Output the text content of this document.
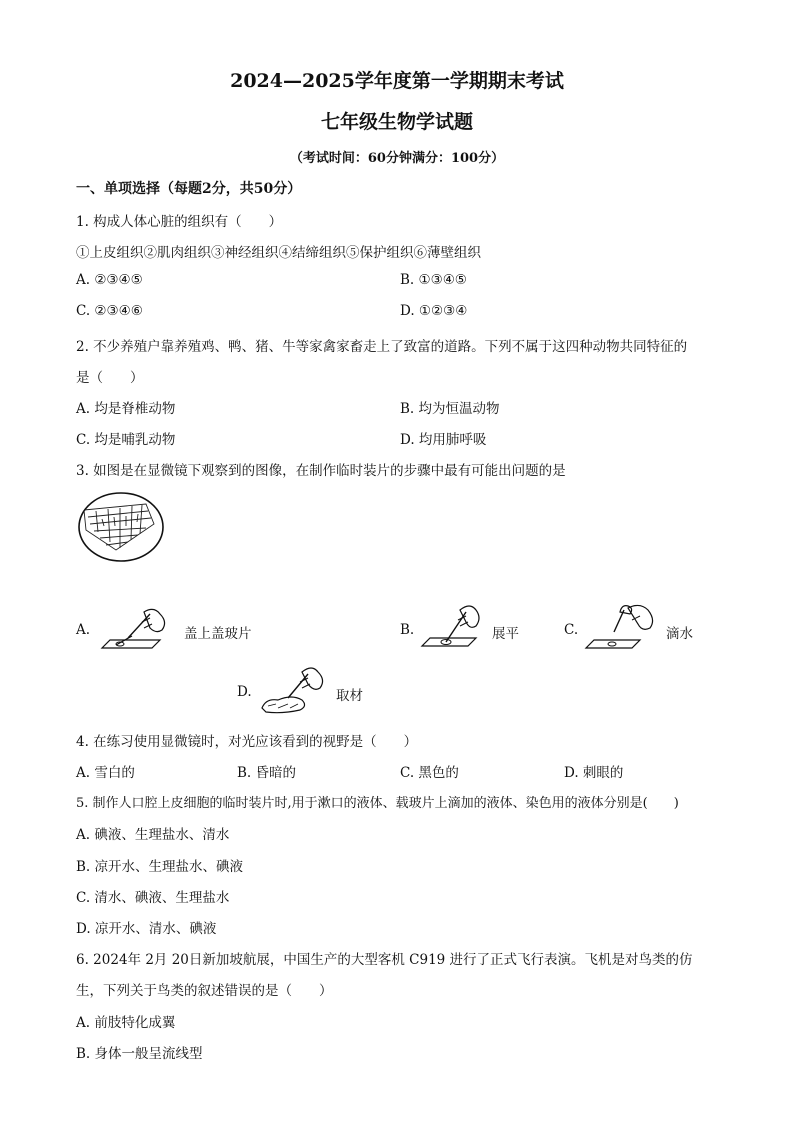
2024—2025学年度第一学期期末考试
七年级生物学试题
（考试时间：60分钟满分：100分）
一、单项选择（每题2分，共50分）
1. 构成人体心脏的组织有（　　）
①上皮组织②肌肉组织③神经组织④结缔组织⑤保护组织⑥薄壁组织
A. ②③④⑤	B. ①③④⑤
C. ②③④⑥	D. ①②③④
2. 不少养殖户靠养殖鸡、鸭、猪、牛等家禽家畜走上了致富的道路。下列不属于这四种动物共同特征的
是（　　）
A. 均是脊椎动物	B. 均为恒温动物
C. 均是哺乳动物	D. 均用肺呼吸
3. 如图是在显微镜下观察到的图像，在制作临时装片的步骤中最有可能出问题的是
A.	盖上盖玻片	B.	展平	C.	滴水
D.	取材
4. 在练习使用显微镜时，对光应该看到的视野是（　　）
A. 雪白的	B. 昏暗的	C. 黑色的	D. 刺眼的
5. 制作人口腔上皮细胞的临时装片时,用于漱口的液体、载玻片上滴加的液体、染色用的液体分别是(　　)
A. 碘液、生理盐水、清水
B. 凉开水、生理盐水、碘液
C. 清水、碘液、生理盐水
D. 凉开水、清水、碘液
6. 2024年 2月 20日新加坡航展，中国生产的大型客机 C919 进行了正式飞行表演。飞机是对鸟类的仿
生，下列关于鸟类的叙述错误的是（　　）
A. 前肢特化成翼
B. 身体一般呈流线型
